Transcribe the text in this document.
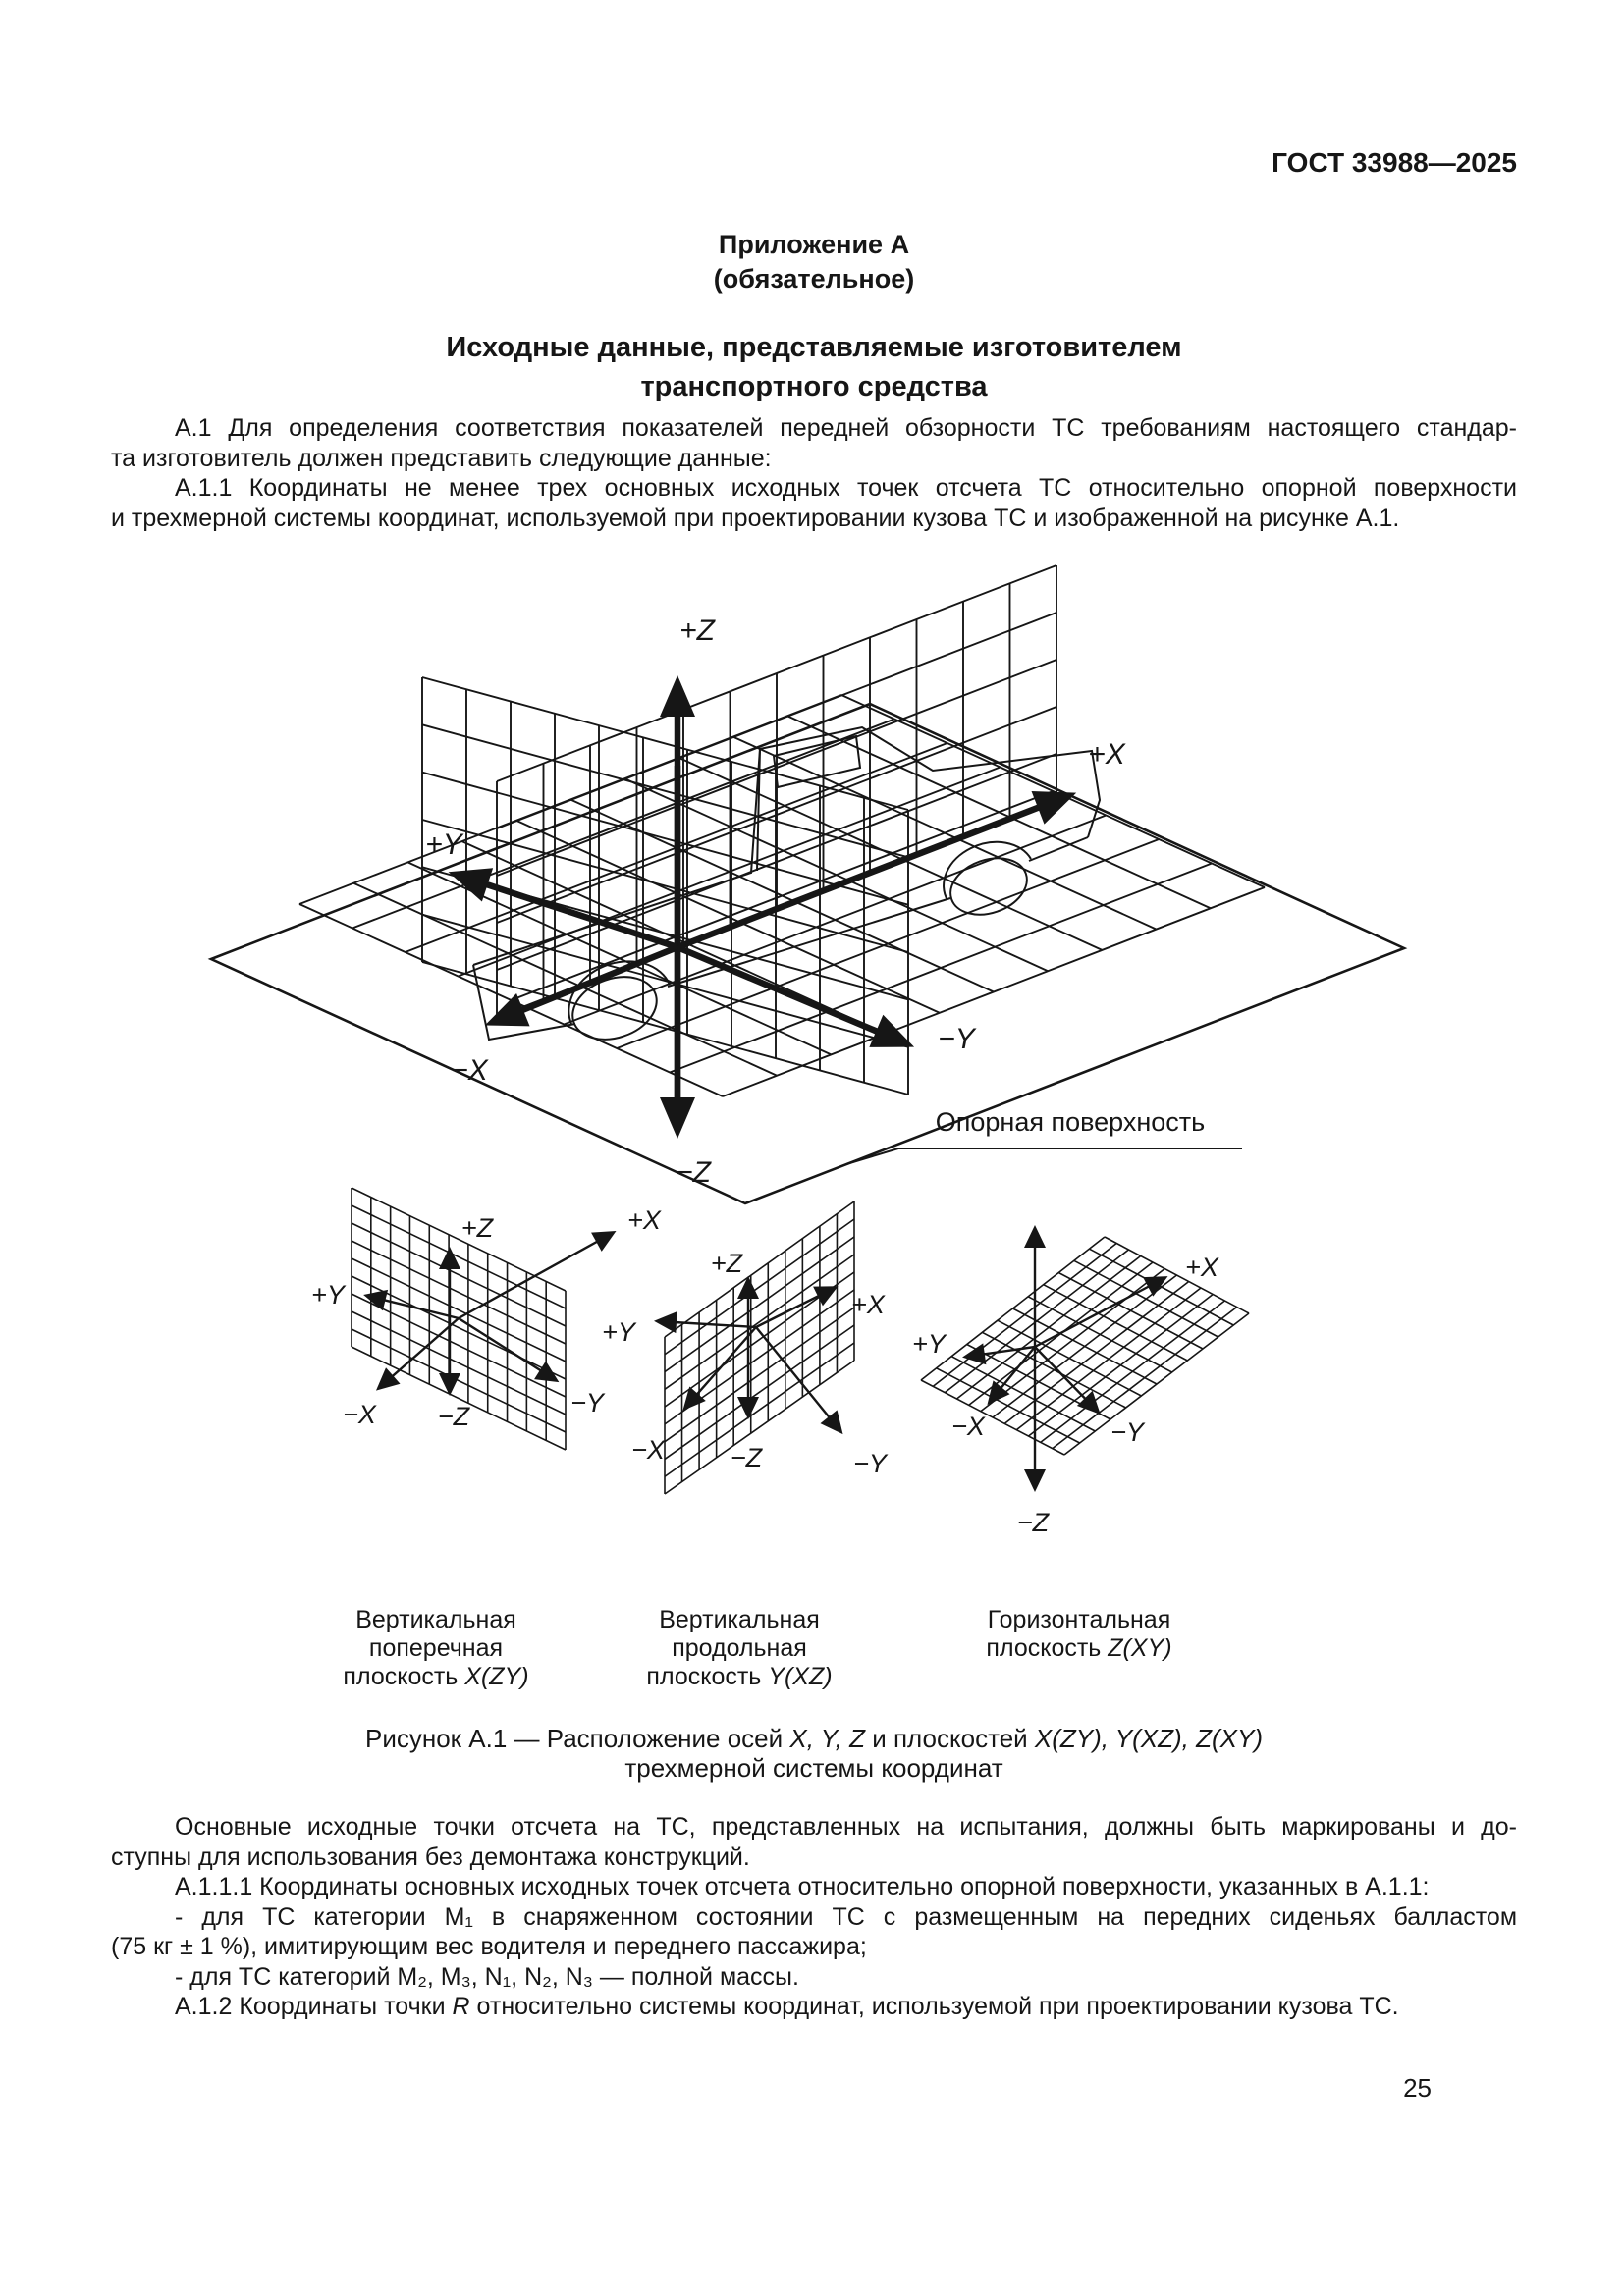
ГОСТ 33988—2025
Приложение А
(обязательное)
Исходные данные, представляемые изготовителем
транспортного средства
А.1 Для определения соответствия показателей передней обзорности ТС требованиям настоящего стандар-
та изготовитель должен представить следующие данные:
А.1.1 Координаты не менее трех основных исходных точек отсчета ТС относительно опорной поверхности
и трехмерной системы координат, используемой при проектировании кузова ТС и изображенной на рисунке А.1.
Опорная поверхность
+Z
−Z
+X
−X
+Y
−Y
+Z	+X
+Y
−X −Z	−Y
+Z
+Y
+X
−X −Z	−Y
+X
+Y
−X	−Y
−Z
Вертикальная
поперечная
плоскость X(ZY)
Вертикальная
продольная
плоскость Y(XZ)
Горизонтальная
плоскость Z(XY)
Рисунок А.1 — Расположение осей X, Y, Z и плоскостей X(ZY), Y(XZ), Z(XY)
трехмерной системы координат
Основные исходные точки отсчета на ТС, представленных на испытания, должны быть маркированы и до-
ступны для использования без демонтажа конструкций.
А.1.1.1 Координаты основных исходных точек отсчета относительно опорной поверхности, указанных в А.1.1:
- для ТС категории М₁ в снаряженном состоянии ТС с размещенным на передних сиденьях балластом
(75 кг ± 1 %), имитирующим вес водителя и переднего пассажира;
- для ТС категорий М₂, М₃, N₁, N₂, N₃ — полной массы.
А.1.2 Координаты точки R относительно системы координат, используемой при проектировании кузова ТС.
25
